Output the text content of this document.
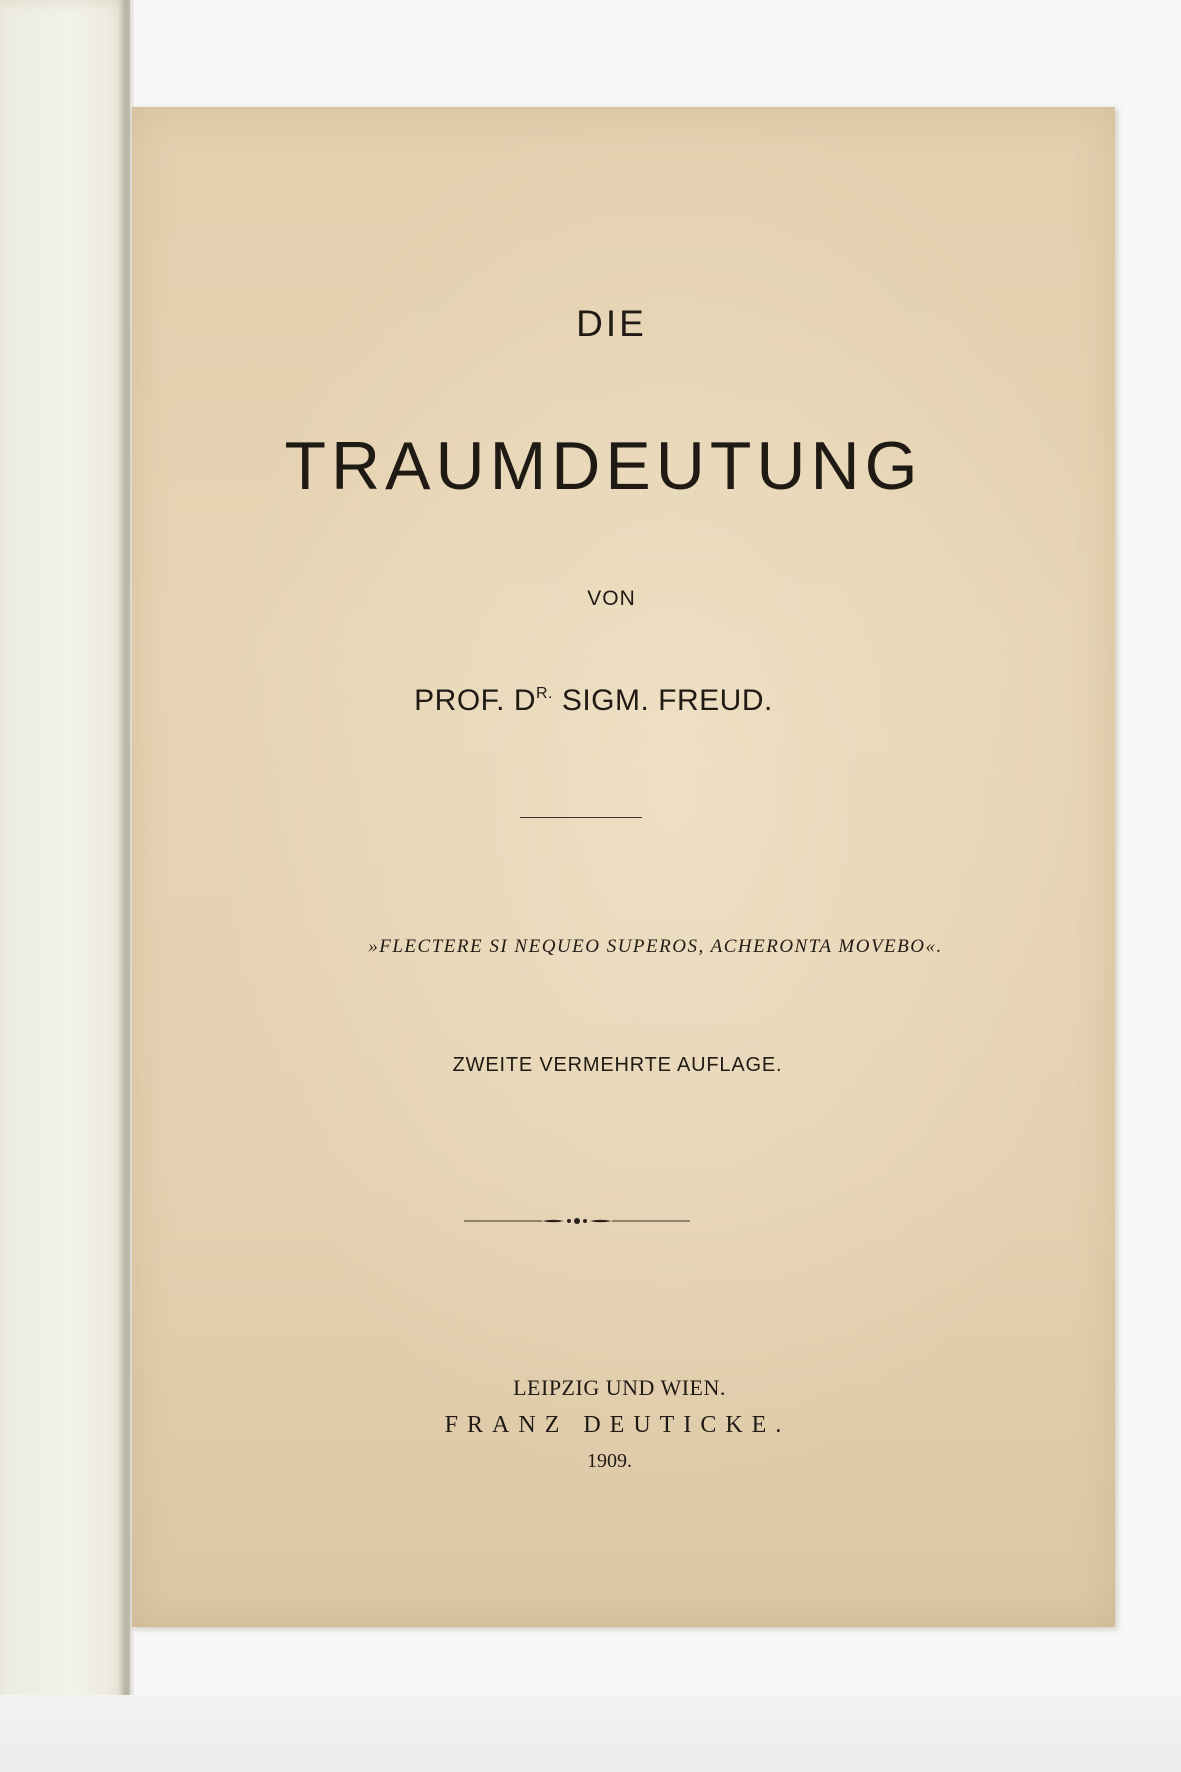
DIE
TRAUMDEUTUNG
VON
PROF. $D^{R.}$ SIGM. FREUD.
»FLECTERE SI NEQUEO SUPEROS, ACHERONTA MOVEBO«.
ZWEITE VERMEHRTE AUFLAGE.
LEIPZIG UND WIEN.
FRANZ DEUTICKE.
1909.
